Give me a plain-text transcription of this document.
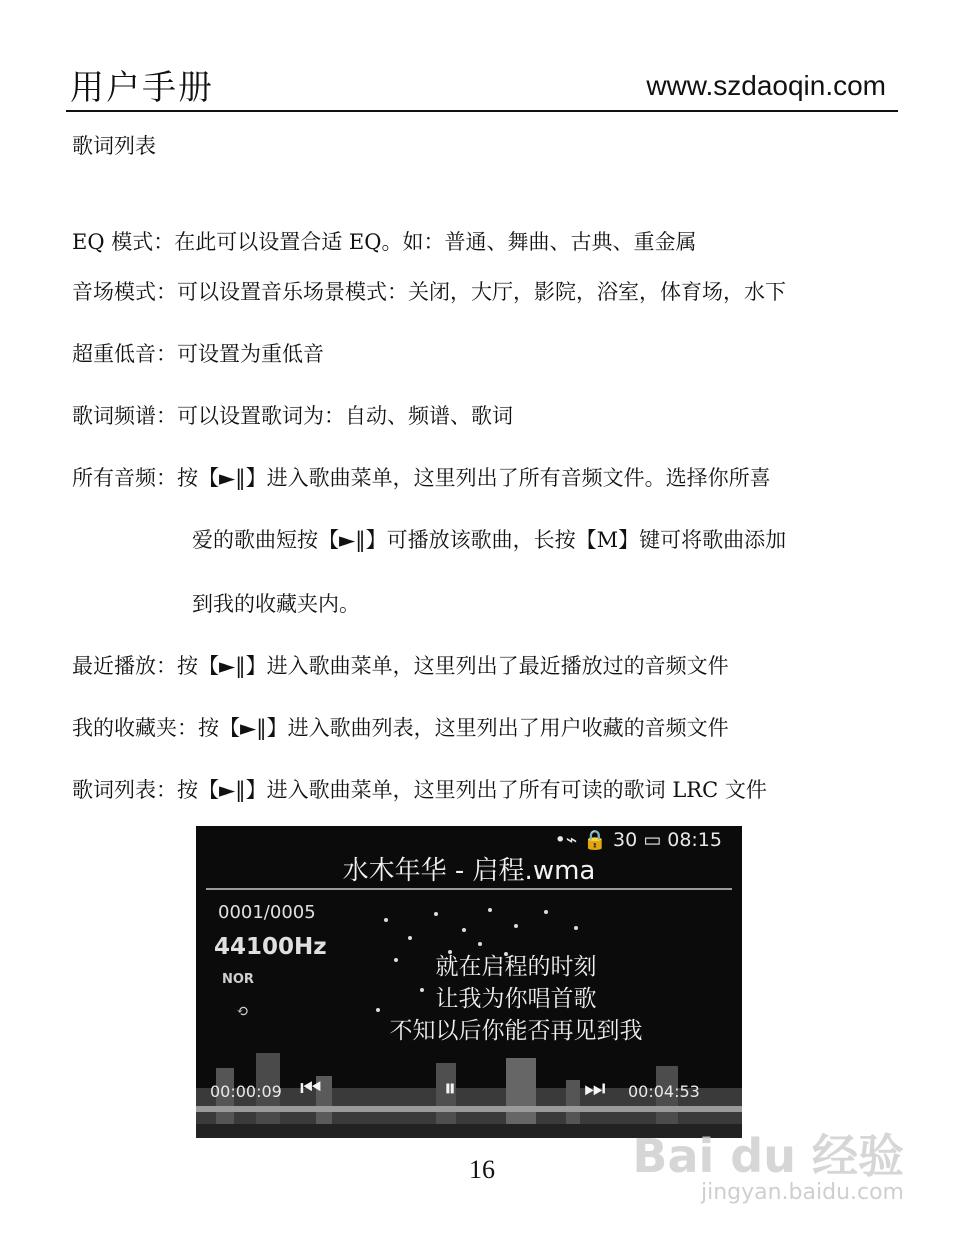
用户手册	www.szdaoqin.com
歌词列表
EQ 模式：在此可以设置合适 EQ。如：普通、舞曲、古典、重金属
音场模式：可以设置音乐场景模式：关闭，大厅，影院，浴室，体育场，水下
超重低音：可设置为重低音
歌词频谱：可以设置歌词为：自动、频谱、歌词
所有音频：按【►‖】进入歌曲菜单，这里列出了所有音频文件。选择你所喜
爱的歌曲短按【►‖】可播放该歌曲，长按【M】键可将歌曲添加
到我的收藏夹内。
最近播放：按【►‖】进入歌曲菜单，这里列出了最近播放过的音频文件
我的收藏夹：按【►‖】进入歌曲列表，这里列出了用户收藏的音频文件
歌词列表：按【►‖】进入歌曲菜单，这里列出了所有可读的歌词 LRC 文件
•⌁ 🔒 30 ▭ 08:15
水木年华 - 启程.wma
0001/0005
44100Hz
NOR
⟲
就在启程的时刻
让我为你唱首歌
不知以后你能否再见到我
00:00:09 ⏮	⏸	⏭ 00:04:53
16	Bai du 经验
jingyan.baidu.com
